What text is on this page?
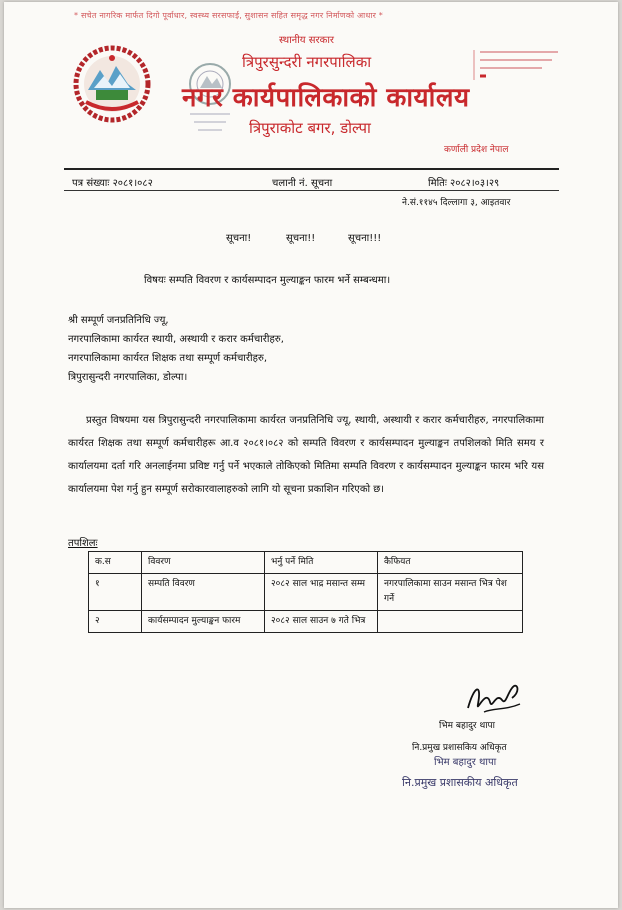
* सचेत नागरिक मार्फत दिगो पूर्वाधार, स्वस्थ्य सरसफाई, सुशासन सहित समृद्ध नगर निर्माणको आधार *
स्थानीय सरकार
त्रिपुरसुन्दरी नगरपालिका
नगर कार्यपालिकाको कार्यालय
त्रिपुराकोट बगर, डोल्पा
कर्णाली प्रदेश नेपाल
पत्र संख्याः २०८१।०८२	चलानी नं. सूचना	मितिः २०८२।०३।२९
ने.सं.११४५ दिल्लागा ३, आइतवार
सूचना!	सूचना!!	सूचना!!!
विषयः सम्पति विवरण र कार्यसम्पादन मुल्याङ्कन फारम भर्ने सम्बन्धमा।
श्री सम्पूर्ण जनप्रतिनिधि ज्यू,
नगरपालिकामा कार्यरत स्थायी, अस्थायी र करार कर्मचारीहरु,
नगरपालिकामा कार्यरत शिक्षक तथा सम्पूर्ण कर्मचारीहरु,
त्रिपुरासुन्दरी नगरपालिका, डोल्पा।
प्रस्तुत विषयमा यस त्रिपुरासुन्दरी नगरपालिकामा कार्यरत जनप्रतिनिधि ज्यू, स्थायी, अस्थायी र करार कर्मचारीहरु, नगरपालिकामा कार्यरत शिक्षक तथा सम्पूर्ण कर्मचारीहरू आ.व २०८१।०८२ को सम्पति विवरण र कार्यसम्पादन मुल्याङ्कन तपशिलको मिति समय र कार्यालयमा दर्ता गरि अनलाईनमा प्रविष्ट गर्नु पर्ने भएकाले तोकिएको मितिमा सम्पति विवरण र कार्यसम्पादन मुल्याङ्कन फारम भरि यस कार्यालयमा पेश गर्नु हुन सम्पूर्ण सरोकारवालाहरुको लागि यो सूचना प्रकाशिन गरिएको छ।
तपशिलः
क.स	विवरण	भर्नु पर्ने मिति	कैफियत
१	सम्पति विवरण	२०८२ साल भाद्र मसान्त सम्म	नगरपालिकामा साउन मसान्त भित्र पेश गर्ने
२	कार्यसम्पादन मुल्याङ्कन फारम	२०८२ साल साउन ७ गते भित्र	
भिम बहादुर थापा
नि.प्रमुख प्रशासकिय अधिकृत
भिम बहादुर थापा
नि.प्रमुख प्रशासकीय अधिकृत
